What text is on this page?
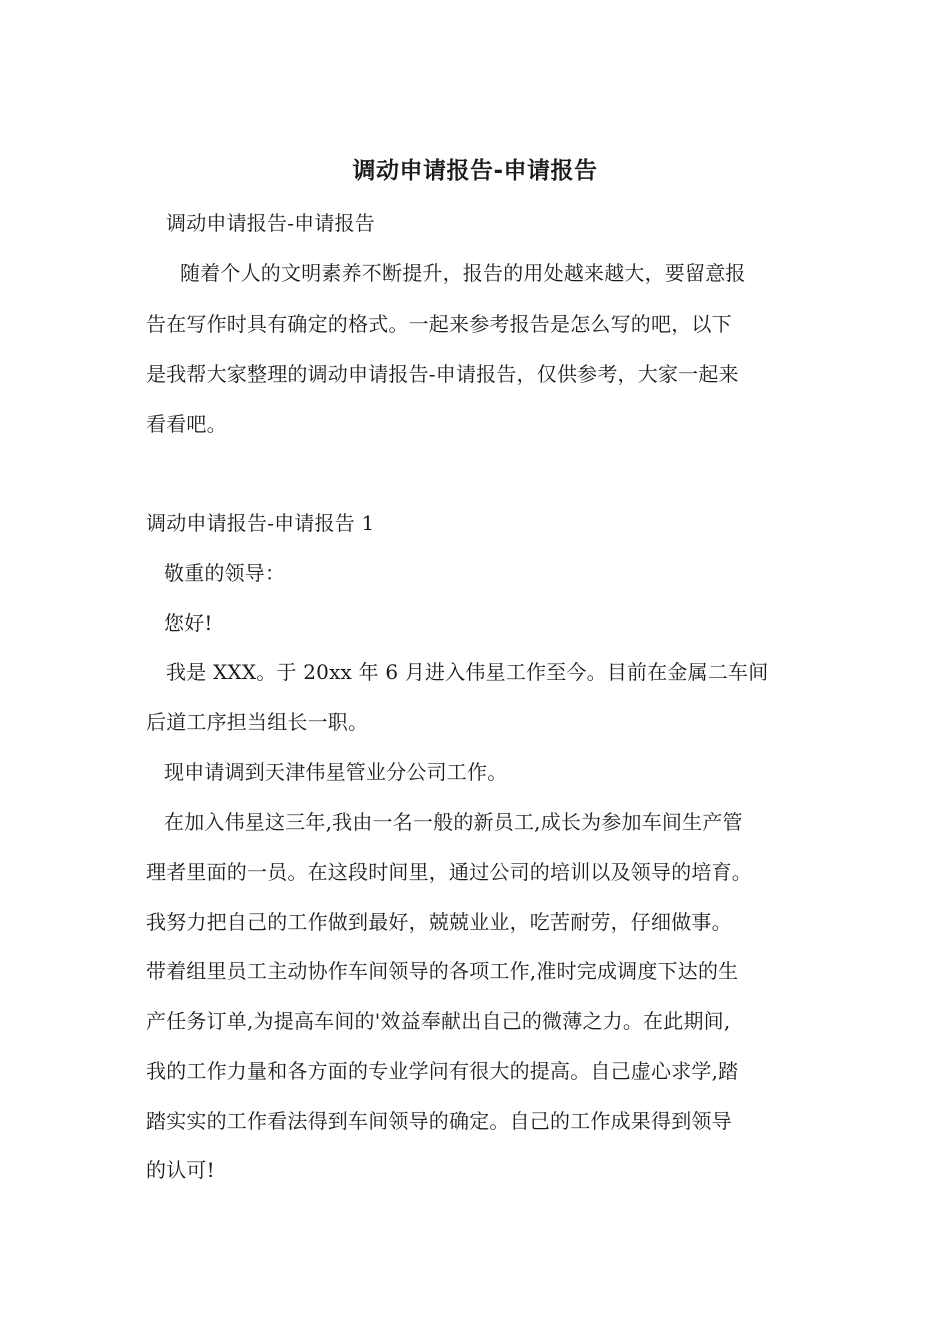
调动申请报告-申请报告
调动申请报告-申请报告
随着个人的文明素养不断提升，报告的用处越来越大，要留意报
告在写作时具有确定的格式。一起来参考报告是怎么写的吧，以下
是我帮大家整理的调动申请报告-申请报告，仅供参考，大家一起来
看看吧。
调动申请报告-申请报告 1
敬重的领导：
您好!
我是 XXX。于 20xx 年 6 月进入伟星工作至今。目前在金属二车间
后道工序担当组长一职。
现申请调到天津伟星管业分公司工作。
在加入伟星这三年,我由一名一般的新员工,成长为参加车间生产管
理者里面的一员。在这段时间里，通过公司的培训以及领导的培育。
我努力把自己的工作做到最好，兢兢业业，吃苦耐劳，仔细做事。
带着组里员工主动协作车间领导的各项工作,准时完成调度下达的生
产任务订单,为提高车间的'效益奉献出自己的微薄之力。在此期间,
我的工作力量和各方面的专业学问有很大的提高。自己虚心求学,踏
踏实实的工作看法得到车间领导的确定。自己的工作成果得到领导
的认可!
